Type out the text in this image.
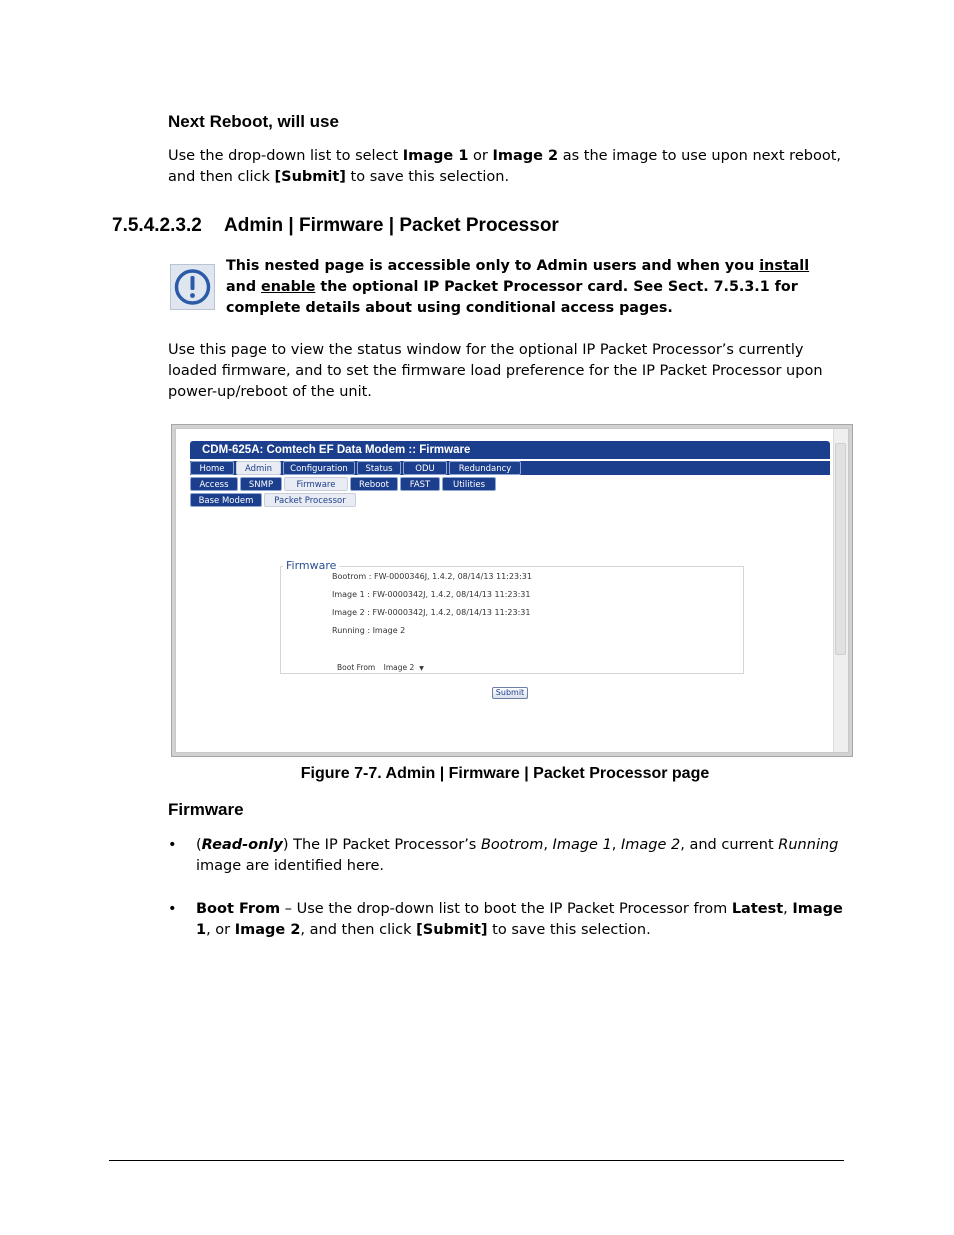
Next Reboot, will use
Use the drop-down list to select Image 1 or Image 2 as the image to use upon next reboot, and then click [Submit] to save this selection.
7.5.4.2.3.2 Admin | Firmware | Packet Processor
This nested page is accessible only to Admin users and when you install and enable the optional IP Packet Processor card. See Sect. 7.5.3.1 for complete details about using conditional access pages.
Use this page to view the status window for the optional IP Packet Processor’s currently loaded firmware, and to set the firmware load preference for the IP Packet Processor upon power-up/reboot of the unit.
CDM-625A: Comtech EF Data Modem :: Firmware
Home	Admin	Configuration	Status	ODU	Redundancy
Access	SNMP	Firmware	Reboot	FAST	Utilities
Base Modem	Packet Processor
Firmware
Bootrom : FW-0000346J, 1.4.2, 08/14/13 11:23:31
Image 1 : FW-0000342J, 1.4.2, 08/14/13 11:23:31
Image 2 : FW-0000342J, 1.4.2, 08/14/13 11:23:31
Running : Image 2
Boot From Image 2 ▼
Submit
Figure 7-7. Admin | Firmware | Packet Processor page
Firmware
• (Read-only) The IP Packet Processor’s Bootrom, Image 1, Image 2, and current Running image are identified here.
• Boot From – Use the drop-down list to boot the IP Packet Processor from Latest, Image 1, or Image 2, and then click [Submit] to save this selection.
